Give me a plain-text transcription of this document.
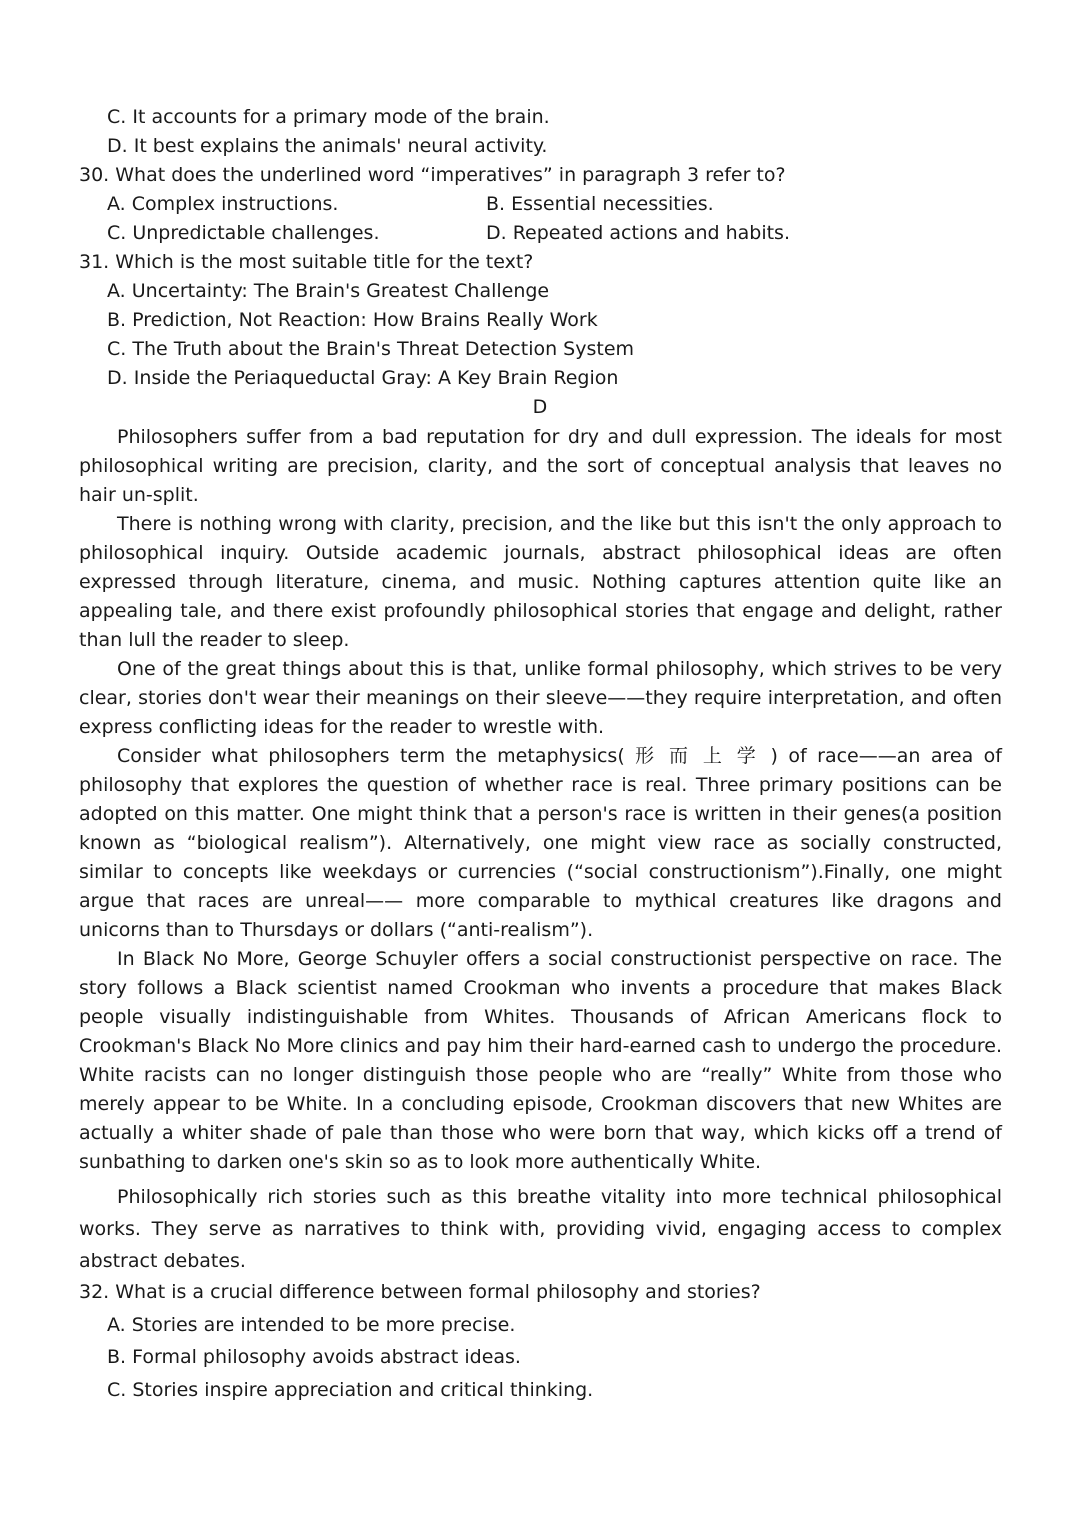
C. It accounts for a primary mode of the brain.
D. It best explains the animals' neural activity.
30. What does the underlined word “imperatives” in paragraph 3 refer to?
A. Complex instructions.	B. Essential necessities.
C. Unpredictable challenges.	D. Repeated actions and habits.
31. Which is the most suitable title for the text?
A. Uncertainty: The Brain's Greatest Challenge
B. Prediction, Not Reaction: How Brains Really Work
C. The Truth about the Brain's Threat Detection System
D. Inside the Periaqueductal Gray: A Key Brain Region
D

Philosophers suffer from a bad reputation for dry and dull expression. The ideals for most philosophical writing are precision, clarity, and the sort of conceptual analysis that leaves no hair un-split.

There is nothing wrong with clarity, precision, and the like but this isn't the only approach to philosophical inquiry. Outside academic journals, abstract philosophical ideas are often expressed through literature, cinema, and music. Nothing captures attention quite like an appealing tale, and there exist profoundly philosophical stories that engage and delight, rather than lull the reader to sleep.

One of the great things about this is that, unlike formal philosophy, which strives to be very clear, stories don't wear their meanings on their sleeve——they require interpretation, and often express conflicting ideas for the reader to wrestle with.

Consider what philosophers term the metaphysics( 形 而 上 学 ) of race——an area of philosophy that explores the question of whether race is real. Three primary positions can be adopted on this matter. One might think that a person's race is written in their genes(a position known as “biological realism”). Alternatively, one might view race as socially constructed, similar to concepts like weekdays or currencies (“social constructionism”).Finally, one might argue that races are unreal—— more comparable to mythical creatures like dragons and unicorns than to Thursdays or dollars (“anti-realism”).

In Black No More, George Schuyler offers a social constructionist perspective on race. The story follows a Black scientist named Crookman who invents a procedure that makes Black people visually indistinguishable from Whites. Thousands of African Americans flock to Crookman's Black No More clinics and pay him their hard-earned cash to undergo the procedure. White racists can no longer distinguish those people who are “really” White from those who merely appear to be White. In a concluding episode, Crookman discovers that new Whites are actually a whiter shade of pale than those who were born that way, which kicks off a trend of sunbathing to darken one's skin so as to look more authentically White.

Philosophically rich stories such as this breathe vitality into more technical philosophical works. They serve as narratives to think with, providing vivid, engaging access to complex abstract debates.

32. What is a crucial difference between formal philosophy and stories?
A. Stories are intended to be more precise.
B. Formal philosophy avoids abstract ideas.
C. Stories inspire appreciation and critical thinking.
